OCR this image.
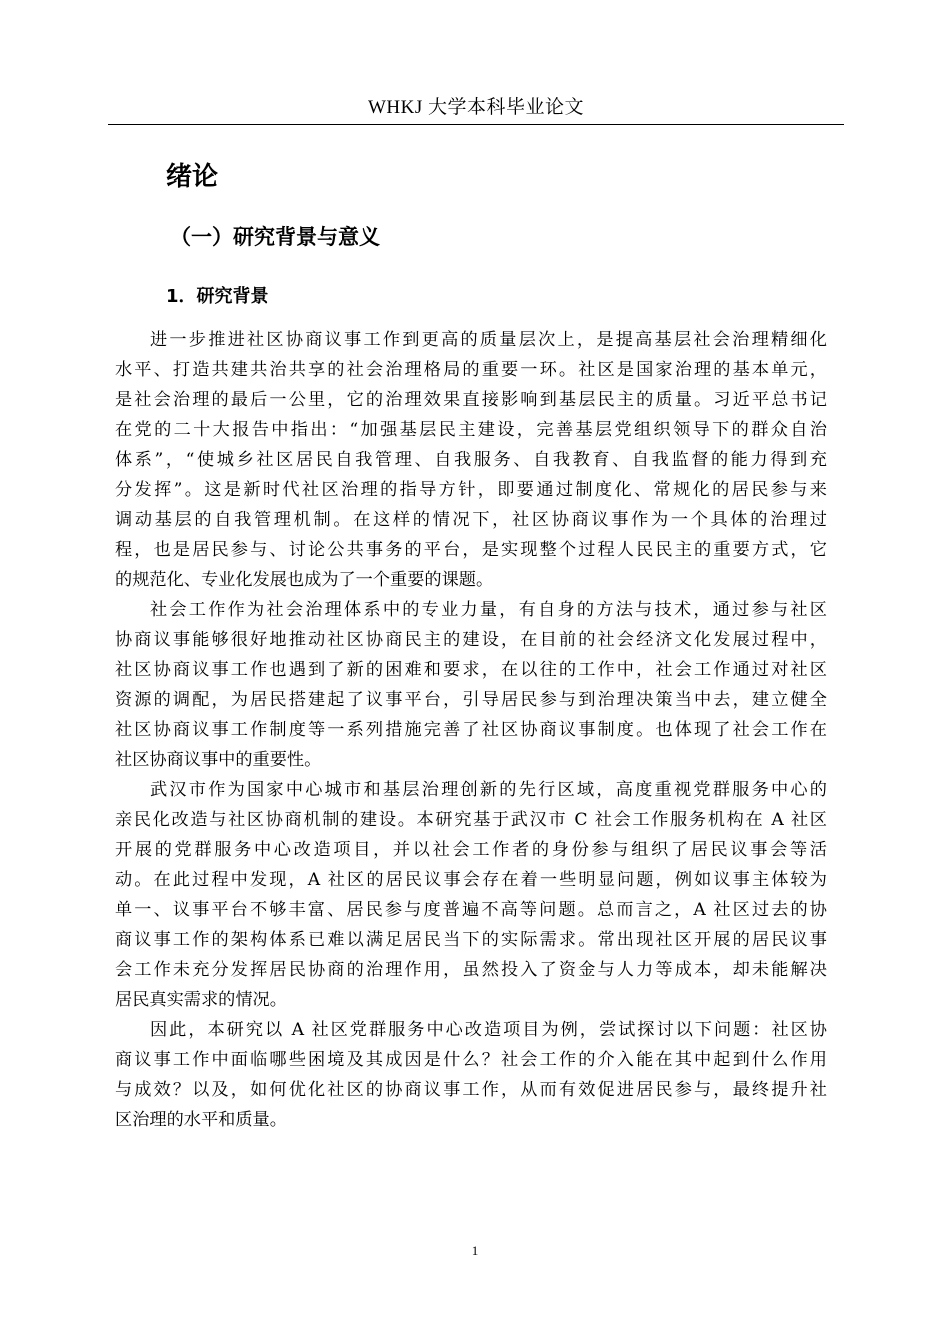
WHKJ 大学本科毕业论文
绪论
（一）研究背景与意义
1．研究背景
进一步推进社区协商议事工作到更高的质量层次上，是提高基层社会治理精细化
水平、打造共建共治共享的社会治理格局的重要一环。社区是国家治理的基本单元，
是社会治理的最后一公里，它的治理效果直接影响到基层民主的质量。习近平总书记
在党的二十大报告中指出：“加强基层民主建设，完善基层党组织领导下的群众自治
体系”，“使城乡社区居民自我管理、自我服务、自我教育、自我监督的能力得到充
分发挥”。这是新时代社区治理的指导方针，即要通过制度化、常规化的居民参与来
调动基层的自我管理机制。在这样的情况下，社区协商议事作为一个具体的治理过
程，也是居民参与、讨论公共事务的平台，是实现整个过程人民民主的重要方式，它
的规范化、专业化发展也成为了一个重要的课题。
社会工作作为社会治理体系中的专业力量，有自身的方法与技术，通过参与社区
协商议事能够很好地推动社区协商民主的建设，在目前的社会经济文化发展过程中，
社区协商议事工作也遇到了新的困难和要求，在以往的工作中，社会工作通过对社区
资源的调配，为居民搭建起了议事平台，引导居民参与到治理决策当中去，建立健全
社区协商议事工作制度等一系列措施完善了社区协商议事制度。也体现了社会工作在
社区协商议事中的重要性。
武汉市作为国家中心城市和基层治理创新的先行区域，高度重视党群服务中心的
亲民化改造与社区协商机制的建设。本研究基于武汉市 C 社会工作服务机构在 A 社区
开展的党群服务中心改造项目，并以社会工作者的身份参与组织了居民议事会等活
动。在此过程中发现，A 社区的居民议事会存在着一些明显问题，例如议事主体较为
单一、议事平台不够丰富、居民参与度普遍不高等问题。总而言之，A 社区过去的协
商议事工作的架构体系已难以满足居民当下的实际需求。常出现社区开展的居民议事
会工作未充分发挥居民协商的治理作用，虽然投入了资金与人力等成本，却未能解决
居民真实需求的情况。
因此，本研究以 A 社区党群服务中心改造项目为例，尝试探讨以下问题：社区协
商议事工作中面临哪些困境及其成因是什么？社会工作的介入能在其中起到什么作用
与成效？以及，如何优化社区的协商议事工作，从而有效促进居民参与，最终提升社
区治理的水平和质量。
1
